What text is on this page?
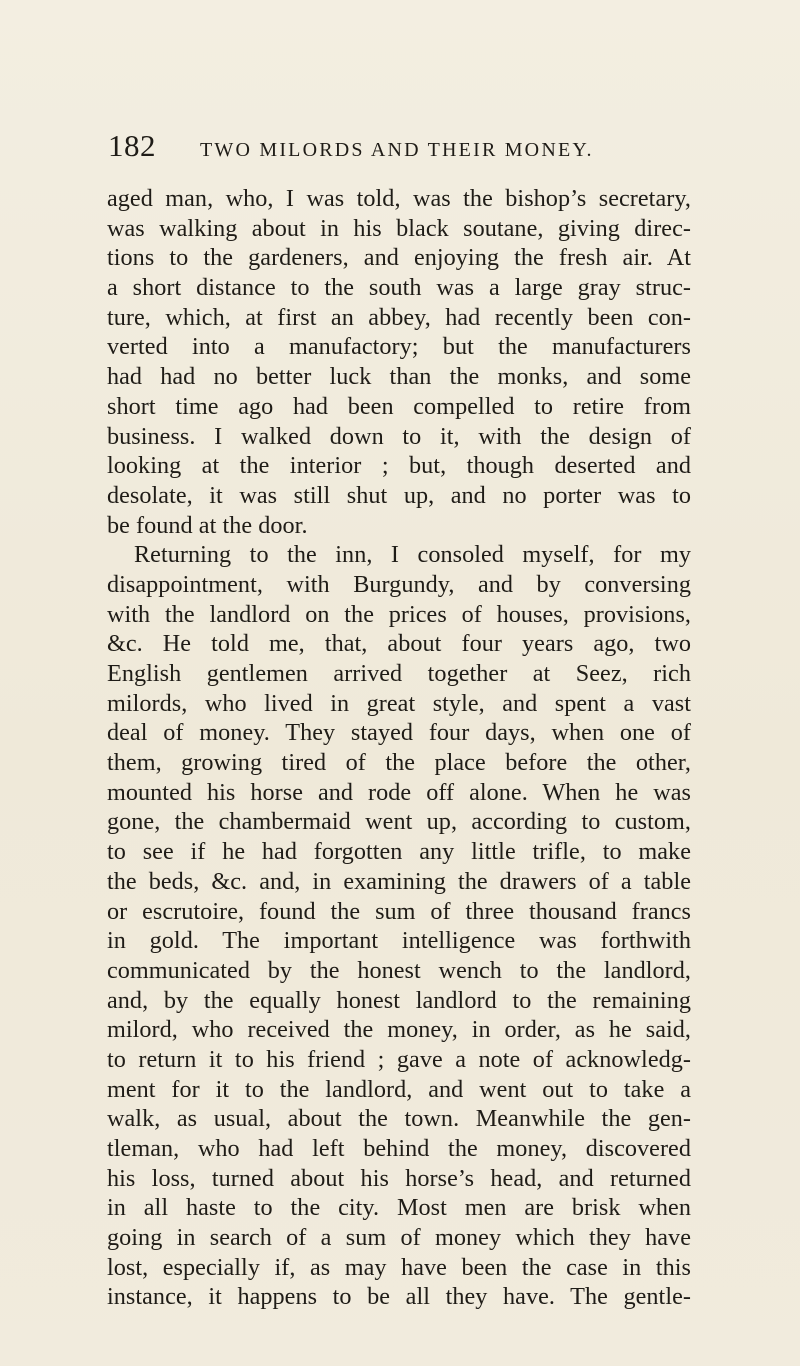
182	TWO MILORDS AND THEIR MONEY.
aged man, who, I was told, was the bishop’s secretary,
was walking about in his black soutane, giving direc-
tions to the gardeners, and enjoying the fresh air. At
a short distance to the south was a large gray struc-
ture, which, at first an abbey, had recently been con-
verted into a manufactory; but the manufacturers
had had no better luck than the monks, and some
short time ago had been compelled to retire from
business. I walked down to it, with the design of
looking at the interior ; but, though deserted and
desolate, it was still shut up, and no porter was to
be found at the door.
Returning to the inn, I consoled myself, for my
disappointment, with Burgundy, and by conversing
with the landlord on the prices of houses, provisions,
&c. He told me, that, about four years ago, two
English gentlemen arrived together at Seez, rich
milords, who lived in great style, and spent a vast
deal of money. They stayed four days, when one of
them, growing tired of the place before the other,
mounted his horse and rode off alone. When he was
gone, the chambermaid went up, according to custom,
to see if he had forgotten any little trifle, to make
the beds, &c. and, in examining the drawers of a table
or escrutoire, found the sum of three thousand francs
in gold. The important intelligence was forthwith
communicated by the honest wench to the landlord,
and, by the equally honest landlord to the remaining
milord, who received the money, in order, as he said,
to return it to his friend ; gave a note of acknowledg-
ment for it to the landlord, and went out to take a
walk, as usual, about the town. Meanwhile the gen-
tleman, who had left behind the money, discovered
his loss, turned about his horse’s head, and returned
in all haste to the city. Most men are brisk when
going in search of a sum of money which they have
lost, especially if, as may have been the case in this
instance, it happens to be all they have. The gentle-
